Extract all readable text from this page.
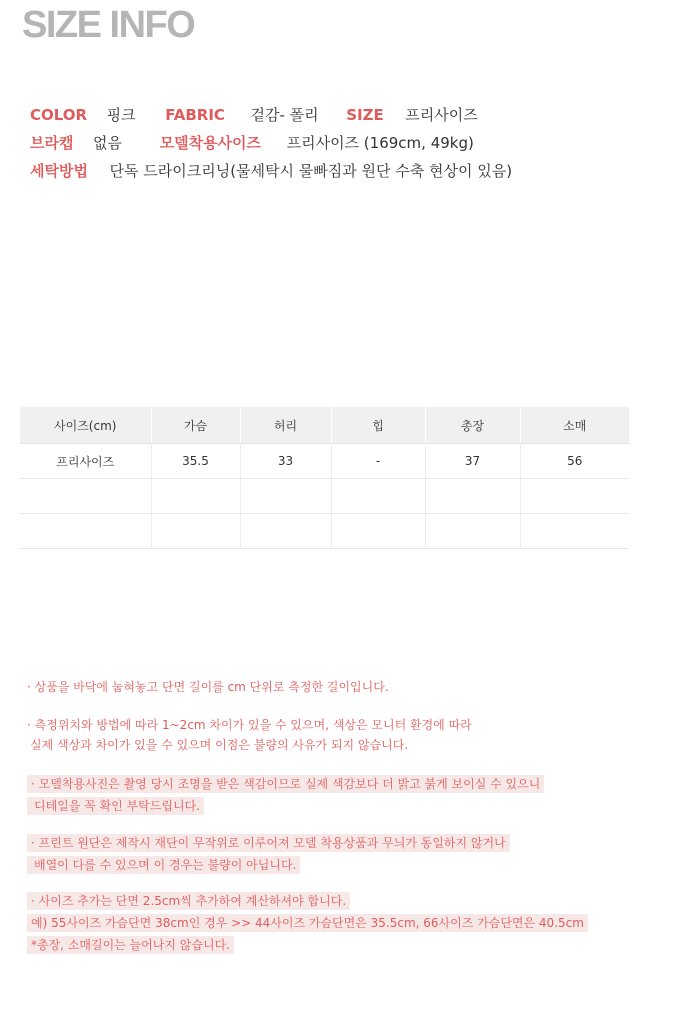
SIZE INFO
COLOR 핑크 FABRIC 겉감- 폴리 SIZE 프리사이즈
브라캡 없음	모델착용사이즈 프리사이즈 (169cm, 49kg)
세탁방법 단독 드라이크리닝(물세탁시 물빠짐과 원단 수축 현상이 있음)
사이즈(cm)	가슴	허리	힙	총장	소매
프리사이즈	35.5	33	-	37	56

· 상품을 바닥에 눕혀놓고 단면 길이를 cm 단위로 측정한 길이입니다.
· 측정위치와 방법에 따라 1~2cm 차이가 있을 수 있으며, 색상은 모니터 환경에 따라
실제 색상과 차이가 있을 수 있으며 이점은 불량의 사유가 되지 않습니다.
· 모델착용사진은 촬영 당시 조명을 받은 색감이므로 실제 색감보다 더 밝고 붉게 보이실 수 있으니
디테일을 꼭 확인 부탁드립니다.
· 프린트 원단은 제작시 재단이 무작위로 이루어져 모델 착용상품과 무늬가 동일하지 않거나
배열이 다를 수 있으며 이 경우는 불량이 아닙니다.
· 사이즈 추가는 단면 2.5cm씩 추가하여 계산하셔야 합니다.
예) 55사이즈 가슴단면 38cm인 경우 >> 44사이즈 가슴단면은 35.5cm, 66사이즈 가슴단면은 40.5cm
*총장, 소매길이는 늘어나지 않습니다.
